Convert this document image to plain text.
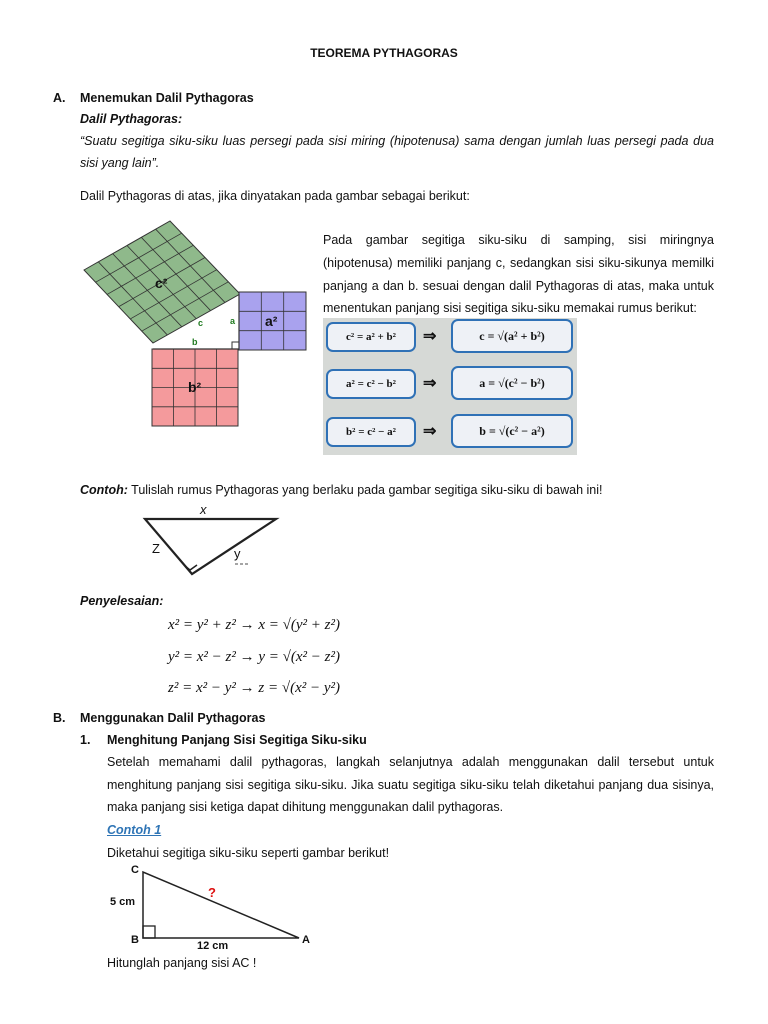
TEOREMA PYTHAGORAS
A. Menemukan Dalil Pythagoras
Dalil Pythagoras:
“Suatu segitiga siku-siku luas persegi pada sisi miring (hipotenusa) sama dengan jumlah luas persegi pada dua
sisi yang lain”.
Dalil Pythagoras di atas, jika dinyatakan pada gambar sebagai berikut:
c²
a²
b²
a
b
c
Pada gambar segitiga siku-siku di samping, sisi miringnya
(hipotenusa) memiliki panjang c, sedangkan sisi siku-sikunya memilki
panjang a dan b. sesuai dengan dalil Pythagoras di atas, maka untuk
menentukan panjang sisi segitiga siku-siku memakai rumus berikut:
c² = a² + b²	⇒	c = √(a² + b²)
a² = c² − b²	⇒	a = √(c² − b²)
b² = c² − a²	⇒	b = √(c² − a²)
Contoh: Tulislah rumus Pythagoras yang berlaku pada gambar segitiga siku-siku di bawah ini!
x
Z	y
Penyelesaian:
x² = y² + z² → x = √(y² + z²)
y² = x² − z² → y = √(x² − z²)
z² = x² − y² → z = √(x² − y²)
B. Menggunakan Dalil Pythagoras
1. Menghitung Panjang Sisi Segitiga Siku-siku
Setelah memahami dalil pythagoras, langkah selanjutnya adalah menggunakan dalil tersebut untuk
menghitung panjang sisi segitiga siku-siku. Jika suatu segitiga siku-siku telah diketahui panjang dua sisinya,
maka panjang sisi ketiga dapat dihitung menggunakan dalil pythagoras.
Contoh 1
Diketahui segitiga siku-siku seperti gambar berikut!
C
B	A
5 cm
12 cm
?
Hitunglah panjang sisi AC !
